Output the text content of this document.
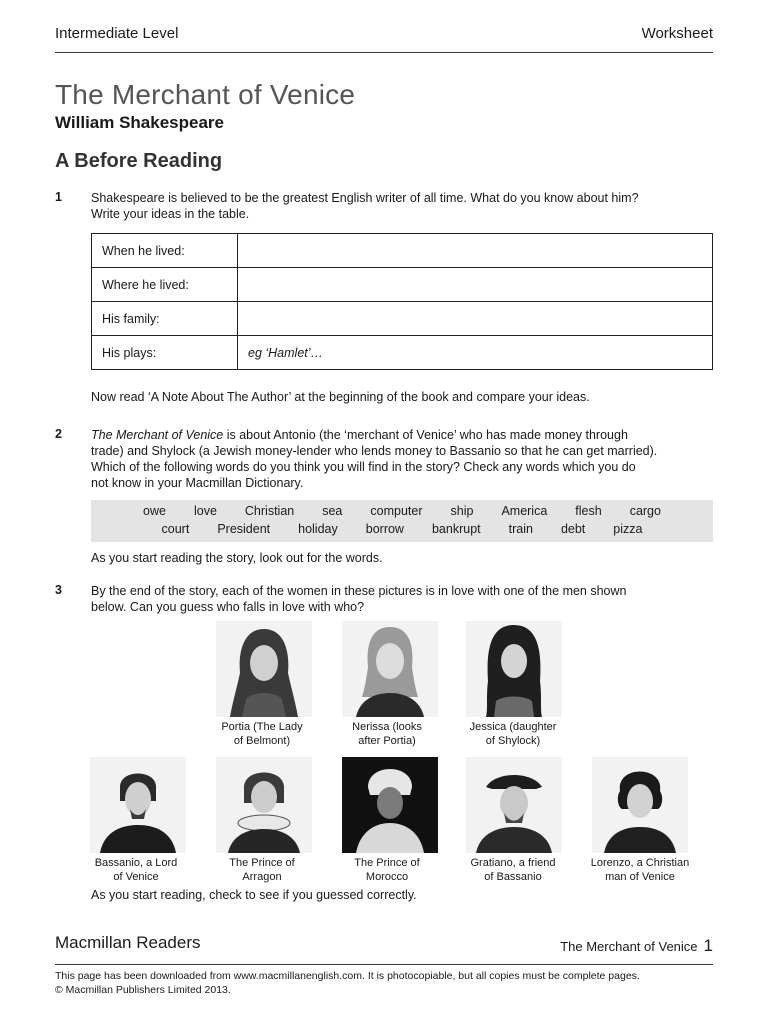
Intermediate Level	Worksheet
The Merchant of Venice
William Shakespeare
A Before Reading
1 Shakespeare is believed to be the greatest English writer of all time. What do you know about him?
Write your ideas in the table.
When he lived:	
Where he lived:	
His family:	
His plays:	eg ‘Hamlet’…
Now read ‘A Note About The Author’ at the beginning of the book and compare your ideas.
2 The Merchant of Venice is about Antonio (the ‘merchant of Venice’ who has made money through
trade) and Shylock (a Jewish money-lender who lends money to Bassanio so that he can get married).
Which of the following words do you think you will find in the story? Check any words which you do
not know in your Macmillan Dictionary.
owe love Christian sea computer ship America flesh cargo
court President holiday borrow bankrupt train debt pizza
As you start reading the story, look out for the words.
3 By the end of the story, each of the women in these pictures is in love with one of the men shown
below. Can you guess who falls in love with who?
Portia (The Lady
of Belmont)
Nerissa (looks
after Portia)
Jessica (daughter
of Shylock)
Bassanio, a Lord
of Venice
The Prince of
Arragon
The Prince of
Morocco
Gratiano, a friend
of Bassanio
Lorenzo, a Christian
man of Venice
As you start reading, check to see if you guessed correctly.
Macmillan Readers	The Merchant of Venice 1
This page has been downloaded from www.macmillanenglish.com. It is photocopiable, but all copies must be complete pages.
© Macmillan Publishers Limited 2013.
